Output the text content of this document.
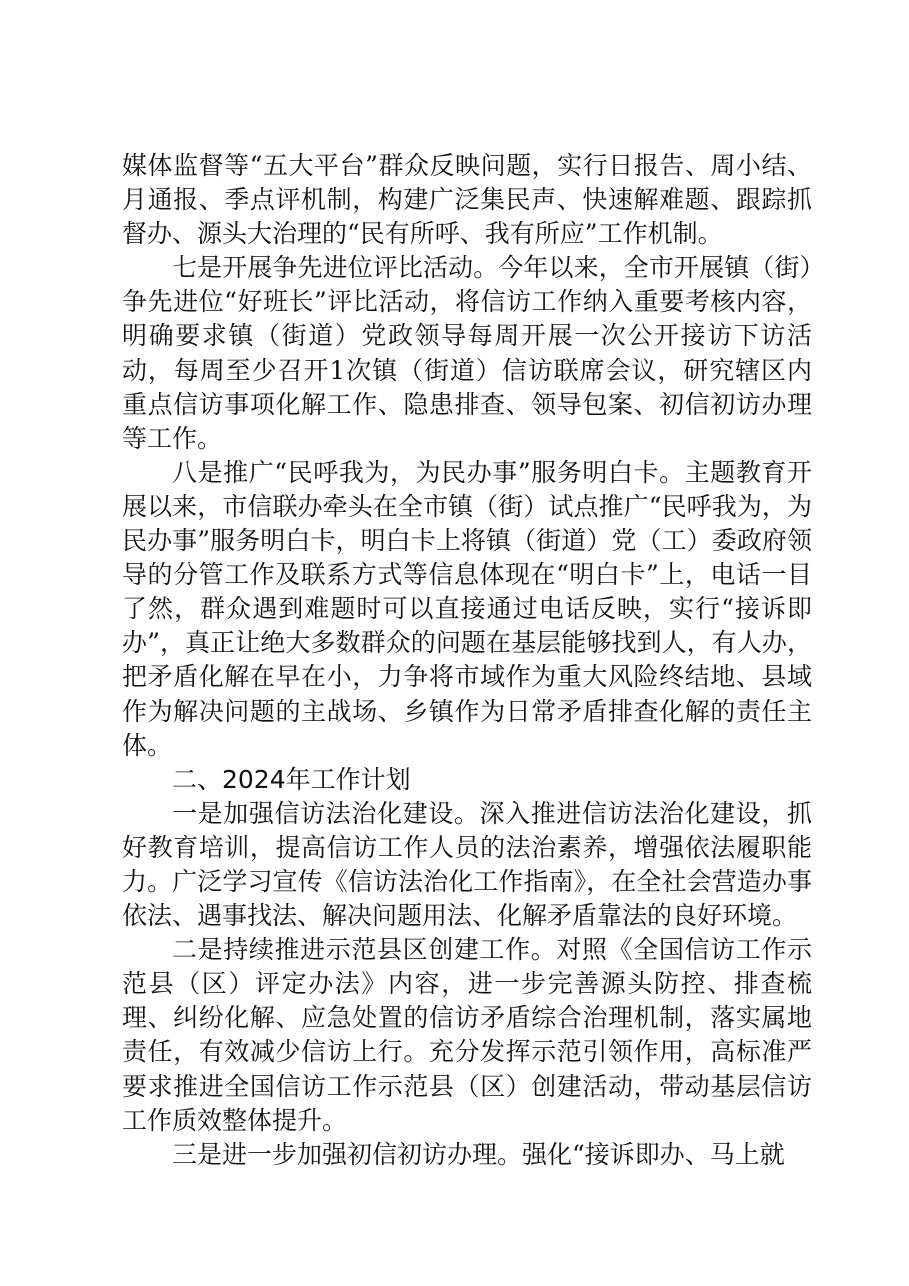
媒体监督等“五大平台”群众反映问题，实行日报告、周小结、月通报、季点评机制，构建广泛集民声、快速解难题、跟踪抓督办、源头大治理的“民有所呼、我有所应”工作机制。

七是开展争先进位评比活动。今年以来，全市开展镇（街）争先进位“好班长”评比活动，将信访工作纳入重要考核内容，明确要求镇（街道）党政领导每周开展一次公开接访下访活动，每周至少召开1次镇（街道）信访联席会议，研究辖区内重点信访事项化解工作、隐患排查、领导包案、初信初访办理等工作。

八是推广“民呼我为，为民办事”服务明白卡。主题教育开展以来，市信联办牵头在全市镇（街）试点推广“民呼我为，为民办事”服务明白卡，明白卡上将镇（街道）党（工）委政府领导的分管工作及联系方式等信息体现在“明白卡”上，电话一目了然，群众遇到难题时可以直接通过电话反映，实行“接诉即办”，真正让绝大多数群众的问题在基层能够找到人，有人办，把矛盾化解在早在小，力争将市域作为重大风险终结地、县域作为解决问题的主战场、乡镇作为日常矛盾排查化解的责任主体。

二、2024年工作计划

一是加强信访法治化建设。深入推进信访法治化建设，抓好教育培训，提高信访工作人员的法治素养，增强依法履职能力。广泛学习宣传《信访法治化工作指南》，在全社会营造办事依法、遇事找法、解决问题用法、化解矛盾靠法的良好环境。

二是持续推进示范县区创建工作。对照《全国信访工作示范县（区）评定办法》内容，进一步完善源头防控、排查梳理、纠纷化解、应急处置的信访矛盾综合治理机制，落实属地责任，有效减少信访上行。充分发挥示范引领作用，高标准严要求推进全国信访工作示范县（区）创建活动，带动基层信访工作质效整体提升。

三是进一步加强初信初访办理。强化“接诉即办、马上就
